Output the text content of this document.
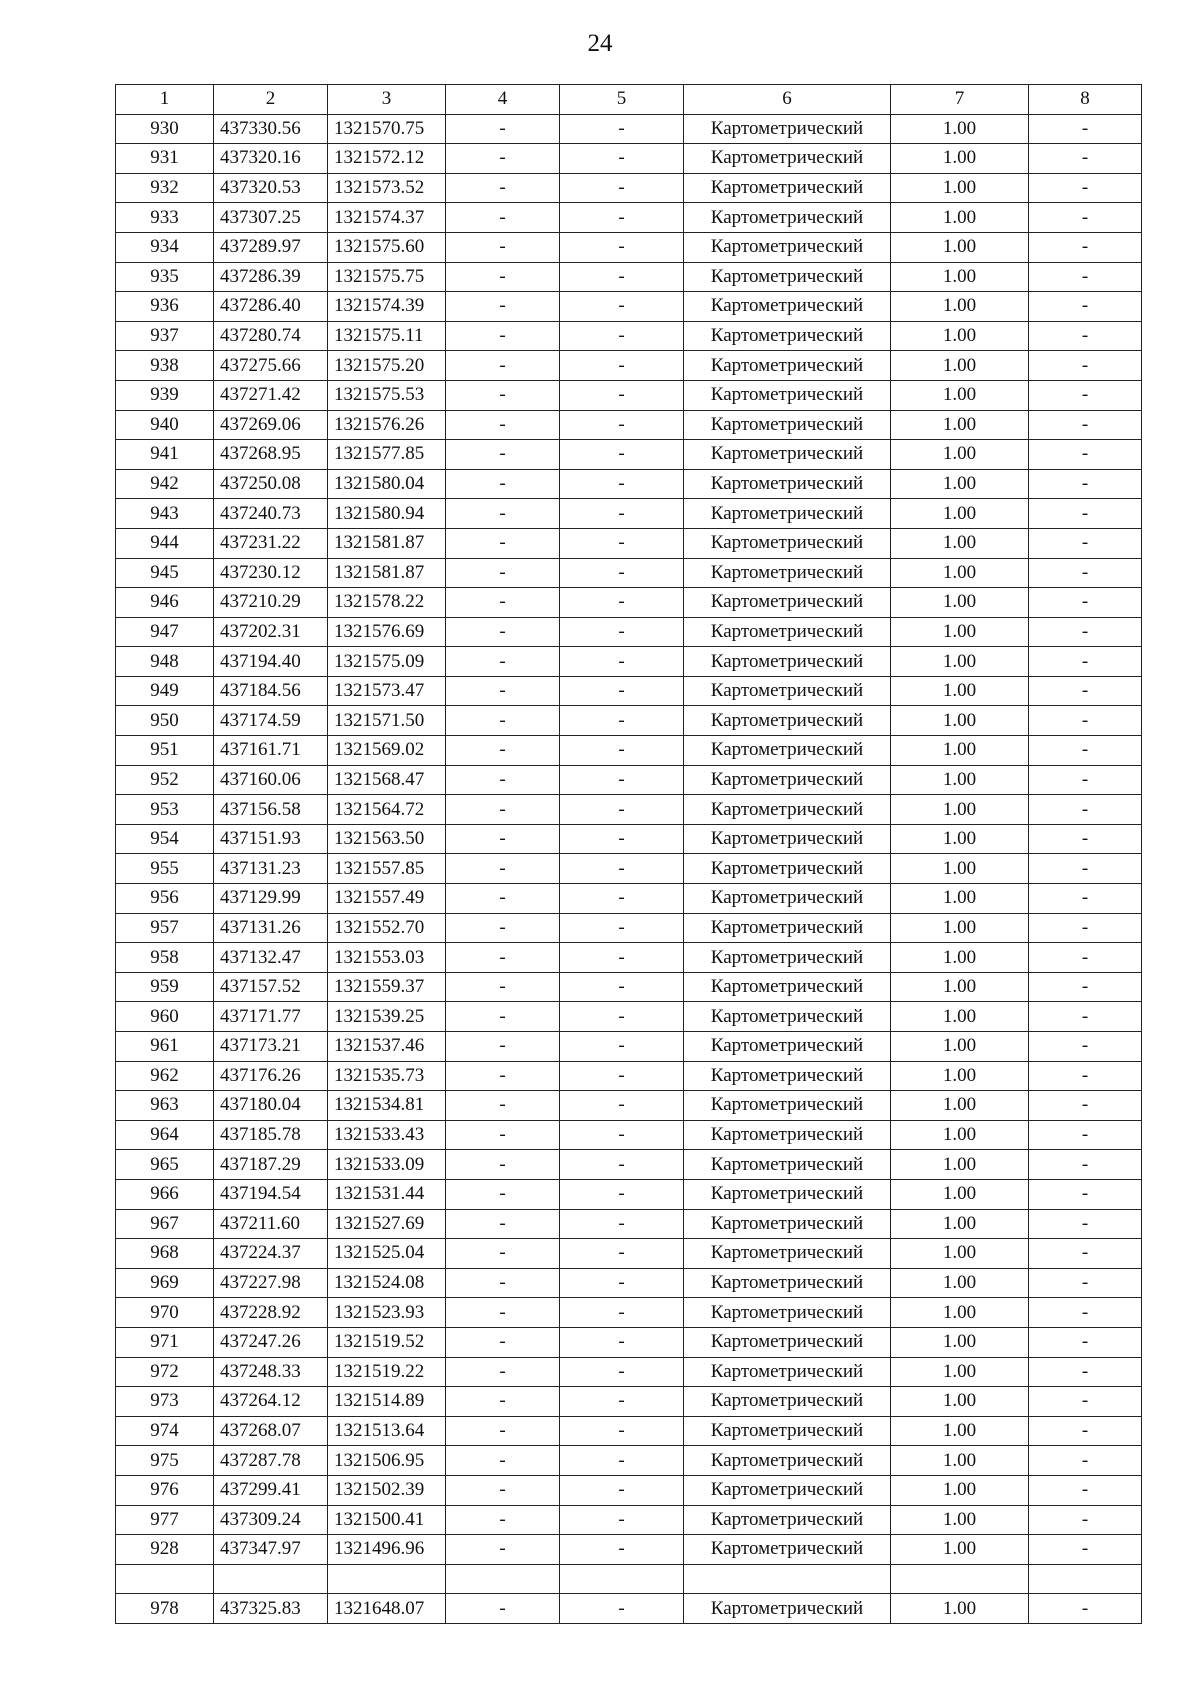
24
1	2	3	4	5	6	7	8
930	437330.56	1321570.75	-	-	Картометрический	1.00	-
931	437320.16	1321572.12	-	-	Картометрический	1.00	-
932	437320.53	1321573.52	-	-	Картометрический	1.00	-
933	437307.25	1321574.37	-	-	Картометрический	1.00	-
934	437289.97	1321575.60	-	-	Картометрический	1.00	-
935	437286.39	1321575.75	-	-	Картометрический	1.00	-
936	437286.40	1321574.39	-	-	Картометрический	1.00	-
937	437280.74	1321575.11	-	-	Картометрический	1.00	-
938	437275.66	1321575.20	-	-	Картометрический	1.00	-
939	437271.42	1321575.53	-	-	Картометрический	1.00	-
940	437269.06	1321576.26	-	-	Картометрический	1.00	-
941	437268.95	1321577.85	-	-	Картометрический	1.00	-
942	437250.08	1321580.04	-	-	Картометрический	1.00	-
943	437240.73	1321580.94	-	-	Картометрический	1.00	-
944	437231.22	1321581.87	-	-	Картометрический	1.00	-
945	437230.12	1321581.87	-	-	Картометрический	1.00	-
946	437210.29	1321578.22	-	-	Картометрический	1.00	-
947	437202.31	1321576.69	-	-	Картометрический	1.00	-
948	437194.40	1321575.09	-	-	Картометрический	1.00	-
949	437184.56	1321573.47	-	-	Картометрический	1.00	-
950	437174.59	1321571.50	-	-	Картометрический	1.00	-
951	437161.71	1321569.02	-	-	Картометрический	1.00	-
952	437160.06	1321568.47	-	-	Картометрический	1.00	-
953	437156.58	1321564.72	-	-	Картометрический	1.00	-
954	437151.93	1321563.50	-	-	Картометрический	1.00	-
955	437131.23	1321557.85	-	-	Картометрический	1.00	-
956	437129.99	1321557.49	-	-	Картометрический	1.00	-
957	437131.26	1321552.70	-	-	Картометрический	1.00	-
958	437132.47	1321553.03	-	-	Картометрический	1.00	-
959	437157.52	1321559.37	-	-	Картометрический	1.00	-
960	437171.77	1321539.25	-	-	Картометрический	1.00	-
961	437173.21	1321537.46	-	-	Картометрический	1.00	-
962	437176.26	1321535.73	-	-	Картометрический	1.00	-
963	437180.04	1321534.81	-	-	Картометрический	1.00	-
964	437185.78	1321533.43	-	-	Картометрический	1.00	-
965	437187.29	1321533.09	-	-	Картометрический	1.00	-
966	437194.54	1321531.44	-	-	Картометрический	1.00	-
967	437211.60	1321527.69	-	-	Картометрический	1.00	-
968	437224.37	1321525.04	-	-	Картометрический	1.00	-
969	437227.98	1321524.08	-	-	Картометрический	1.00	-
970	437228.92	1321523.93	-	-	Картометрический	1.00	-
971	437247.26	1321519.52	-	-	Картометрический	1.00	-
972	437248.33	1321519.22	-	-	Картометрический	1.00	-
973	437264.12	1321514.89	-	-	Картометрический	1.00	-
974	437268.07	1321513.64	-	-	Картометрический	1.00	-
975	437287.78	1321506.95	-	-	Картометрический	1.00	-
976	437299.41	1321502.39	-	-	Картометрический	1.00	-
977	437309.24	1321500.41	-	-	Картометрический	1.00	-
928	437347.97	1321496.96	-	-	Картометрический	1.00	-

978	437325.83	1321648.07	-	-	Картометрический	1.00	-
